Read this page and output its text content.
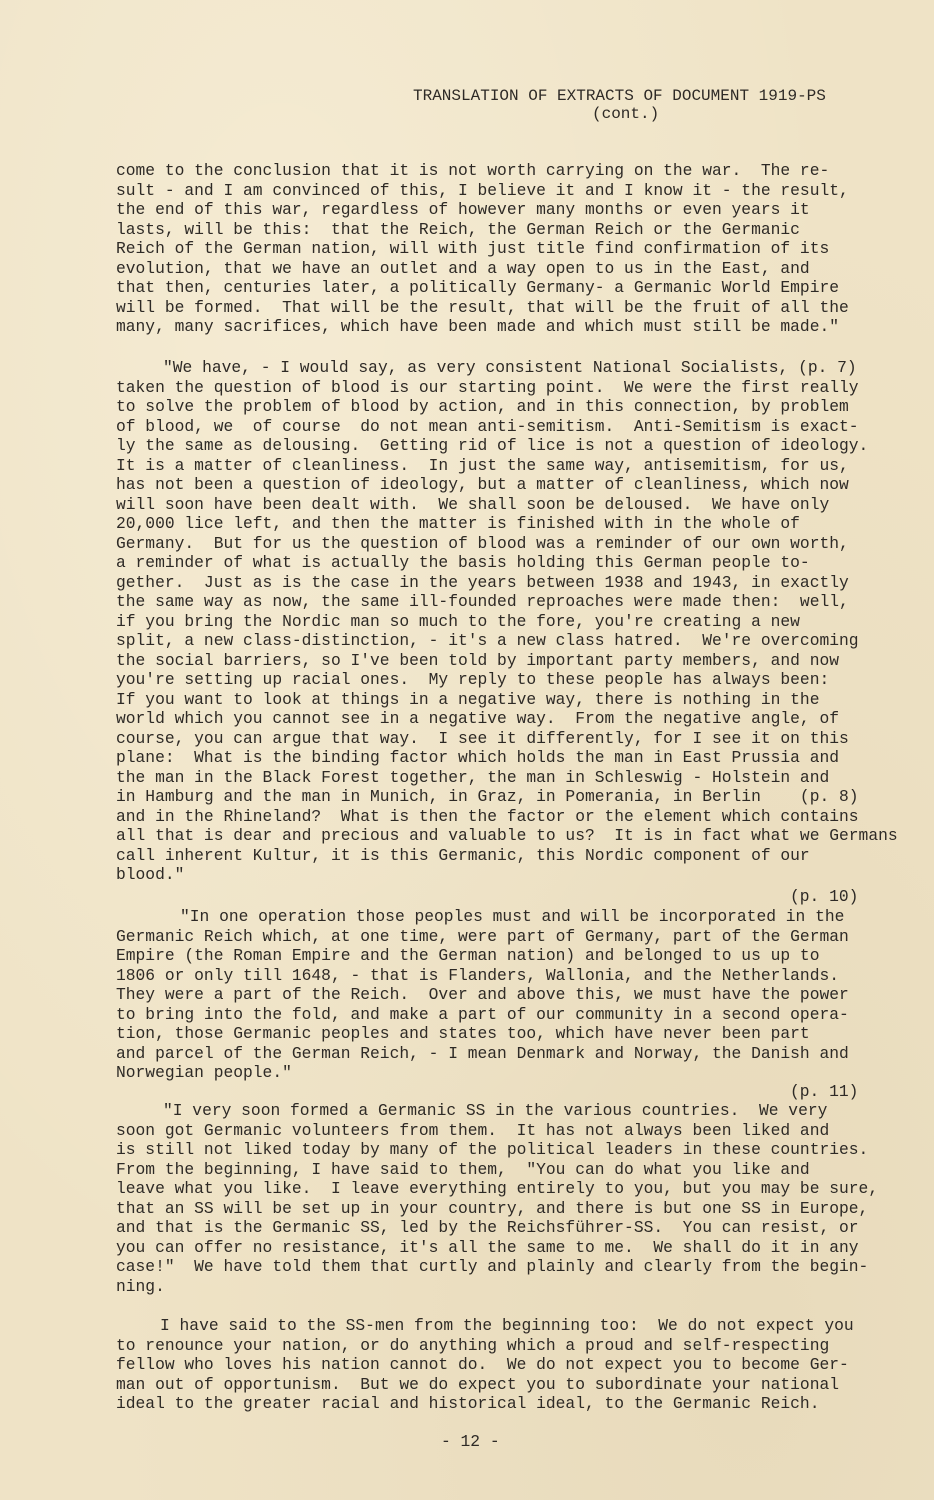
TRANSLATION OF EXTRACTS OF DOCUMENT 1919-PS
(cont.)
come to the conclusion that it is not worth carrying on the war.  The re-
sult - and I am convinced of this, I believe it and I know it - the result,
the end of this war, regardless of however many months or even years it
lasts, will be this:  that the Reich, the German Reich or the Germanic
Reich of the German nation, will with just title find confirmation of its
evolution, that we have an outlet and a way open to us in the East, and
that then, centuries later, a politically Germany- a Germanic World Empire
will be formed.  That will be the result, that will be the fruit of all the
many, many sacrifices, which have been made and which must still be made."
"We have, - I would say, as very consistent National Socialists, (p. 7)
taken the question of blood is our starting point.  We were the first really
to solve the problem of blood by action, and in this connection, by problem
of blood, we  of course  do not mean anti-semitism.  Anti-Semitism is exact-
ly the same as delousing.  Getting rid of lice is not a question of ideology.
It is a matter of cleanliness.  In just the same way, antisemitism, for us,
has not been a question of ideology, but a matter of cleanliness, which now
will soon have been dealt with.  We shall soon be deloused.  We have only
20,000 lice left, and then the matter is finished with in the whole of
Germany.  But for us the question of blood was a reminder of our own worth,
a reminder of what is actually the basis holding this German people to-
gether.  Just as is the case in the years between 1938 and 1943, in exactly
the same way as now, the same ill-founded reproaches were made then:  well,
if you bring the Nordic man so much to the fore, you're creating a new
split, a new class-distinction, - it's a new class hatred.  We're overcoming
the social barriers, so I've been told by important party members, and now
you're setting up racial ones.  My reply to these people has always been:
If you want to look at things in a negative way, there is nothing in the
world which you cannot see in a negative way.  From the negative angle, of
course, you can argue that way.  I see it differently, for I see it on this
plane:  What is the binding factor which holds the man in East Prussia and
the man in the Black Forest together, the man in Schleswig - Holstein and
in Hamburg and the man in Munich, in Graz, in Pomerania, in Berlin    (p. 8)
and in the Rhineland?  What is then the factor or the element which contains
all that is dear and precious and valuable to us?  It is in fact what we Germans
call inherent Kultur, it is this Germanic, this Nordic component of our
blood."
(p. 10)
"In one operation those peoples must and will be incorporated in the
Germanic Reich which, at one time, were part of Germany, part of the German
Empire (the Roman Empire and the German nation) and belonged to us up to
1806 or only till 1648, - that is Flanders, Wallonia, and the Netherlands.
They were a part of the Reich.  Over and above this, we must have the power
to bring into the fold, and make a part of our community in a second opera-
tion, those Germanic peoples and states too, which have never been part
and parcel of the German Reich, - I mean Denmark and Norway, the Danish and
Norwegian people."
(p. 11)
"I very soon formed a Germanic SS in the various countries.  We very
soon got Germanic volunteers from them.  It has not always been liked and
is still not liked today by many of the political leaders in these countries.
From the beginning, I have said to them,  "You can do what you like and
leave what you like.  I leave everything entirely to you, but you may be sure,
that an SS will be set up in your country, and there is but one SS in Europe,
and that is the Germanic SS, led by the Reichsführer-SS.  You can resist, or
you can offer no resistance, it's all the same to me.  We shall do it in any
case!"  We have told them that curtly and plainly and clearly from the begin-
ning.
I have said to the SS-men from the beginning too:  We do not expect you
to renounce your nation, or do anything which a proud and self-respecting
fellow who loves his nation cannot do.  We do not expect you to become Ger-
man out of opportunism.  But we do expect you to subordinate your national
ideal to the greater racial and historical ideal, to the Germanic Reich.
- 12 -
